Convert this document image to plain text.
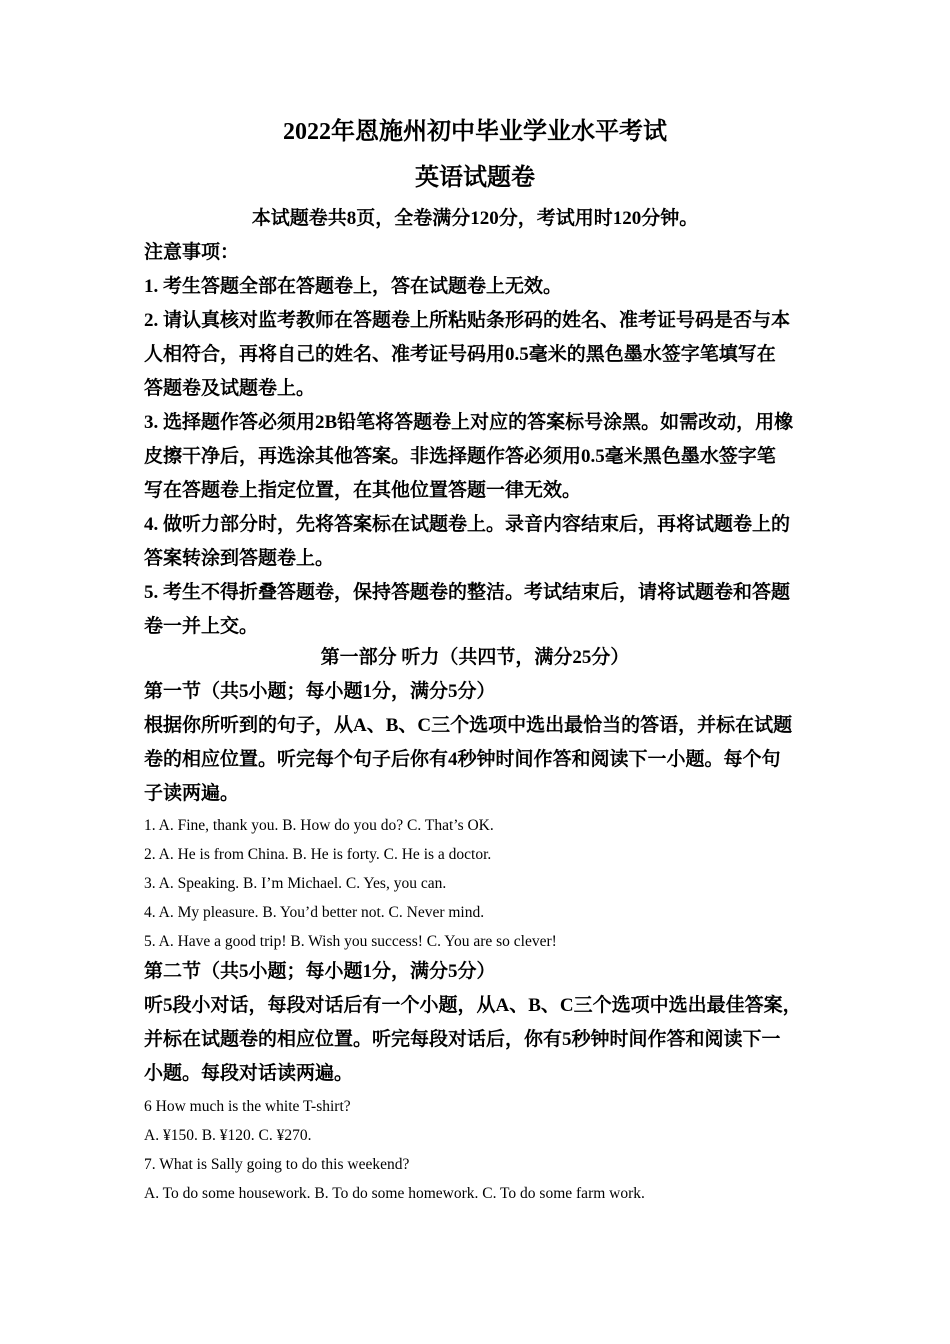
2022年恩施州初中毕业学业水平考试
英语试题卷
本试题卷共8页，全卷满分120分，考试用时120分钟。
注意事项：
1. 考生答题全部在答题卷上，答在试题卷上无效。
2. 请认真核对监考教师在答题卷上所粘贴条形码的姓名、准考证号码是否与本
人相符合，再将自己的姓名、准考证号码用0.5毫米的黑色墨水签字笔填写在
答题卷及试题卷上。
3. 选择题作答必须用2B铅笔将答题卷上对应的答案标号涂黑。如需改动，用橡
皮擦干净后，再选涂其他答案。非选择题作答必须用0.5毫米黑色墨水签字笔
写在答题卷上指定位置，在其他位置答题一律无效。
4. 做听力部分时，先将答案标在试题卷上。录音内容结束后，再将试题卷上的
答案转涂到答题卷上。
5. 考生不得折叠答题卷，保持答题卷的整洁。考试结束后，请将试题卷和答题
卷一并上交。
第一部分 听力（共四节，满分25分）
第一节（共5小题；每小题1分，满分5分）
根据你所听到的句子，从A、B、C三个选项中选出最恰当的答语，并标在试题
卷的相应位置。听完每个句子后你有4秒钟时间作答和阅读下一小题。每个句
子读两遍。
1. A. Fine, thank you. B. How do you do? C. That’s OK.
2. A. He is from China. B. He is forty. C. He is a doctor.
3. A. Speaking. B. I’m Michael. C. Yes, you can.
4. A. My pleasure. B. You’d better not. C. Never mind.
5. A. Have a good trip! B. Wish you success! C. You are so clever!
第二节（共5小题；每小题1分，满分5分）
听5段小对话，每段对话后有一个小题，从A、B、C三个选项中选出最佳答案，
并标在试题卷的相应位置。听完每段对话后，你有5秒钟时间作答和阅读下一
小题。每段对话读两遍。
6 How much is the white T-shirt?
A. ¥150. B. ¥120. C. ¥270.
7. What is Sally going to do this weekend?
A. To do some housework. B. To do some homework. C. To do some farm work.
